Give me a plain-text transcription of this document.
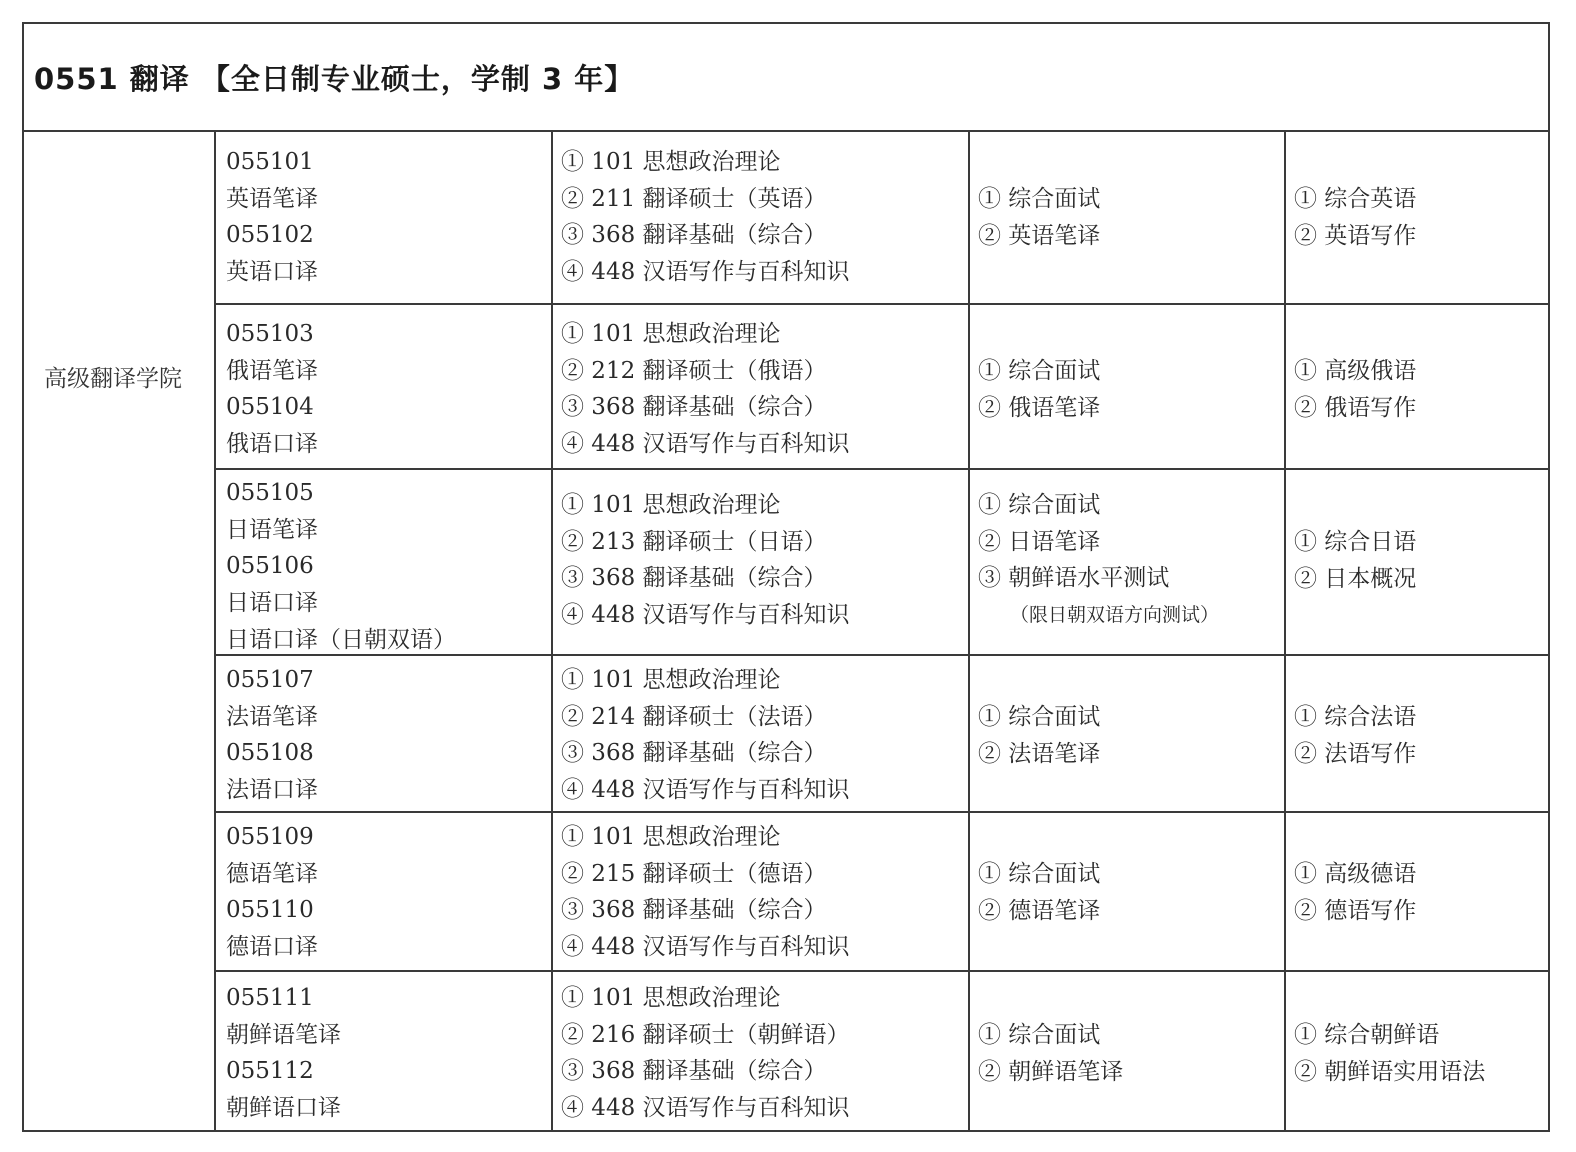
0551 翻译 【全日制专业硕士，学制 3 年】
高级翻译学院
055101
英语笔译
055102
英语口译
① 101 思想政治理论
② 211 翻译硕士（英语）
③ 368 翻译基础（综合）
④ 448 汉语写作与百科知识
① 综合面试
② 英语笔译
① 综合英语
② 英语写作
055103
俄语笔译
055104
俄语口译
① 101 思想政治理论
② 212 翻译硕士（俄语）
③ 368 翻译基础（综合）
④ 448 汉语写作与百科知识
① 综合面试
② 俄语笔译
① 高级俄语
② 俄语写作
055105
日语笔译
055106
日语口译
日语口译（日朝双语）
① 101 思想政治理论
② 213 翻译硕士（日语）
③ 368 翻译基础（综合）
④ 448 汉语写作与百科知识
① 综合面试
② 日语笔译
③ 朝鲜语水平测试
（限日朝双语方向测试）
① 综合日语
② 日本概况
055107
法语笔译
055108
法语口译
① 101 思想政治理论
② 214 翻译硕士（法语）
③ 368 翻译基础（综合）
④ 448 汉语写作与百科知识
① 综合面试
② 法语笔译
① 综合法语
② 法语写作
055109
德语笔译
055110
德语口译
① 101 思想政治理论
② 215 翻译硕士（德语）
③ 368 翻译基础（综合）
④ 448 汉语写作与百科知识
① 综合面试
② 德语笔译
① 高级德语
② 德语写作
055111
朝鲜语笔译
055112
朝鲜语口译
① 101 思想政治理论
② 216 翻译硕士（朝鲜语）
③ 368 翻译基础（综合）
④ 448 汉语写作与百科知识
① 综合面试
② 朝鲜语笔译
① 综合朝鲜语
② 朝鲜语实用语法
